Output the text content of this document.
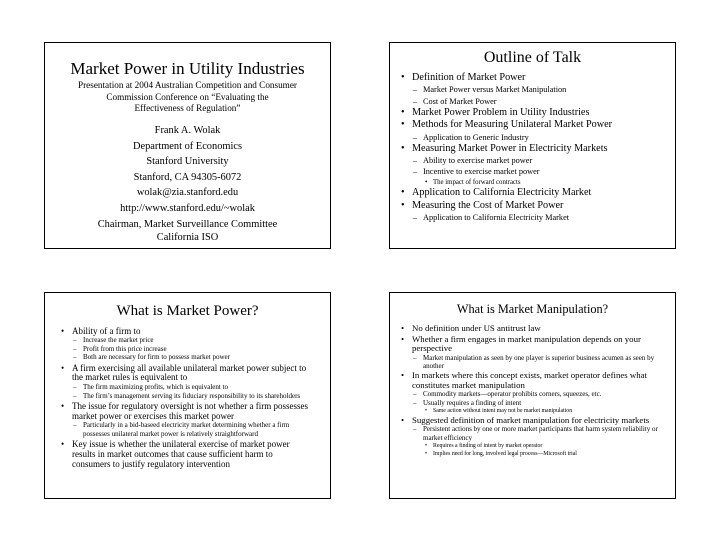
Market Power in Utility Industries
Presentation at 2004 Australian Competition and Consumer
Commission Conference on “Evaluating the
Effectiveness of Regulation”
Frank A. Wolak
Department of Economics
Stanford University
Stanford, CA 94305-6072
wolak@zia.stanford.edu
http://www.stanford.edu/~wolak
Chairman, Market Surveillance Committee
California ISO
Outline of Talk
• Definition of Market Power
– Market Power versus Market Manipulation
– Cost of Market Power
• Market Power Problem in Utility Industries
• Methods for Measuring Unilateral Market Power
– Application to Generic Industry
• Measuring Market Power in Electricity Markets
– Ability to exercise market power
– Incentive to exercise market power
• The impact of forward contracts
• Application to California Electricity Market
• Measuring the Cost of Market Power
– Application to California Electricity Market
What is Market Power?
• Ability of a firm to
– Increase the market price
– Profit from this price increase
– Both are necessary for firm to possess market power
• A firm exercising all available unilateral market power subject to the market rules is equivalent to
– The firm maximizing profits, which is equivalent to
– The firm’s management serving its fiduciary responsibility to its shareholders
• The issue for regulatory oversight is not whether a firm possesses market power or exercises this market power
– Particularly in a bid-baseed electricity market determining whether a firm possesses unilateral market power is relatively straightforward
• Key issue is whether the unilateral exercise of market power results in market outcomes that cause sufficient harm to consumers to justify regulatory intervention
What is Market Manipulation?
• No definition under US antitrust law
• Whether a firm engages in market manipulation depends on your perspective
– Market manipulation as seen by one player is superior business acumen as seen by another
• In markets where this concept exists, market operator defines what constitutes market manipulation
– Commodity markets—operator prohibits corners, squeezes, etc.
– Usually requires a finding of intent
• Same action without intent may not be market manipulation
• Suggested definition of market manipulation for electricity markets
– Persistent actions by one or more market participants that harm system reliability or market efficiency
• Requires a finding of intent by market operator
• Implies need for long, involved legal process—Microsoft trial
